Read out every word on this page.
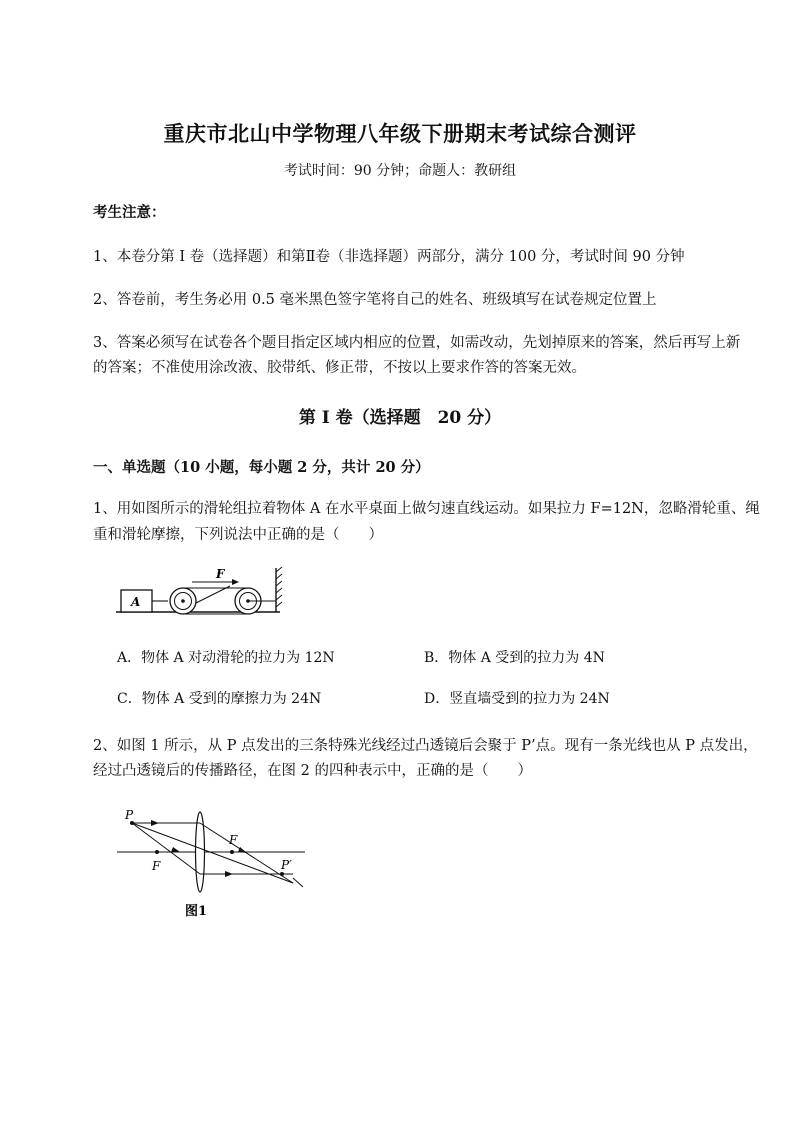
重庆市北山中学物理八年级下册期末考试综合测评
考试时间：90 分钟；命题人：教研组
考生注意：
1、本卷分第 I 卷（选择题）和第Ⅱ卷（非选择题）两部分，满分 100 分，考试时间 90 分钟
2、答卷前，考生务必用 0.5 毫米黑色签字笔将自己的姓名、班级填写在试卷规定位置上
3、答案必须写在试卷各个题目指定区域内相应的位置，如需改动，先划掉原来的答案，然后再写上新
的答案；不准使用涂改液、胶带纸、修正带，不按以上要求作答的答案无效。
第 I 卷（选择题　20 分）
一、单选题（10 小题，每小题 2 分，共计 20 分）
1、用如图所示的滑轮组拉着物体 A 在水平桌面上做匀速直线运动。如果拉力 F=12N，忽略滑轮重、绳
重和滑轮摩擦，下列说法中正确的是（　　）
A
F
A．物体 A 对动滑轮的拉力为 12N	B．物体 A 受到的拉力为 4N
C．物体 A 受到的摩擦力为 24N	D．竖直墙受到的拉力为 24N
2、如图 1 所示，从 P 点发出的三条特殊光线经过凸透镜后会聚于 P’点。现有一条光线也从 P 点发出，
经过凸透镜后的传播路径，在图 2 的四种表示中，正确的是（　　）
P
F
F	P′
图1
